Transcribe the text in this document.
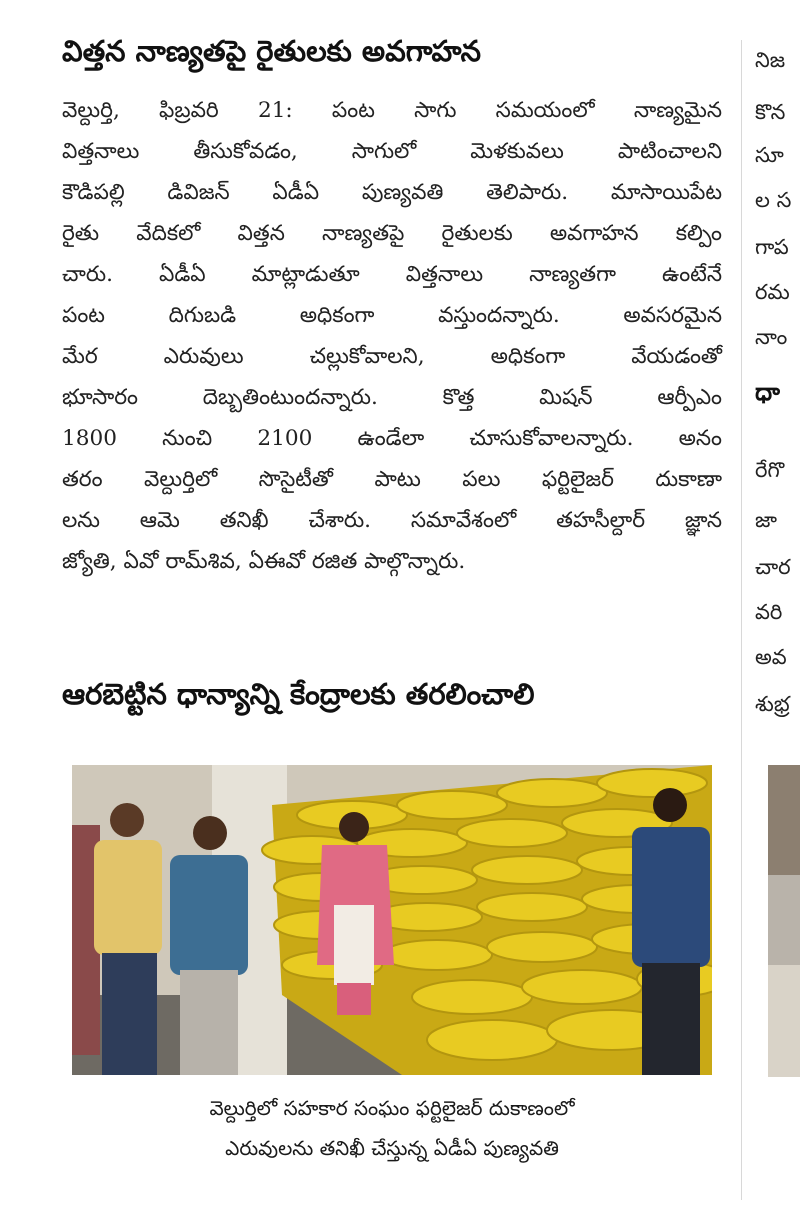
విత్తన నాణ్యతపై రైతులకు అవగాహన
వెల్దుర్తి, ఫిబ్రవరి 21: పంట సాగు సమయంలో నాణ్యమైన
విత్తనాలు తీసుకోవడం, సాగులో మెళకువలు పాటించాలని
కౌడిపల్లి డివిజన్ ఏడీఏ పుణ్యవతి తెలిపారు. మాసాయిపేట
రైతు వేదికలో విత్తన నాణ్యతపై రైతులకు అవగాహన కల్పిం
చారు. ఏడీఏ మాట్లాడుతూ విత్తనాలు నాణ్యతగా ఉంటేనే
పంట దిగుబడి అధికంగా వస్తుందన్నారు. అవసరమైన
మేర ఎరువులు చల్లుకోవాలని, అధికంగా వేయడంతో
భూసారం దెబ్బతింటుందన్నారు. కొత్త మిషన్ ఆర్పీఎం
1800 నుంచి 2100 ఉండేలా చూసుకోవాలన్నారు. అనం
తరం వెల్దుర్తిలో సొసైటీతో పాటు పలు ఫర్టిలైజర్ దుకాణా
లను ఆమె తనిఖీ చేశారు. సమావేశంలో తహసీల్దార్ జ్ఞాన
జ్యోతి, ఏవో రామ్‌శివ, ఏఈవో రజిత పాల్గొన్నారు.
ఆరబెట్టిన ధాన్యాన్ని కేంద్రాలకు తరలించాలి
వెల్దుర్తిలో సహకార సంఘం ఫర్టిలైజర్ దుకాణంలో
ఎరువులను తనిఖీ చేస్తున్న ఏడీఏ పుణ్యవతి
నిజ
కొన
సూ
ల స
గాప
రమ
నాం
ధా
రేగొ
జా
చార
వరి
అవ
శుభ్ర
